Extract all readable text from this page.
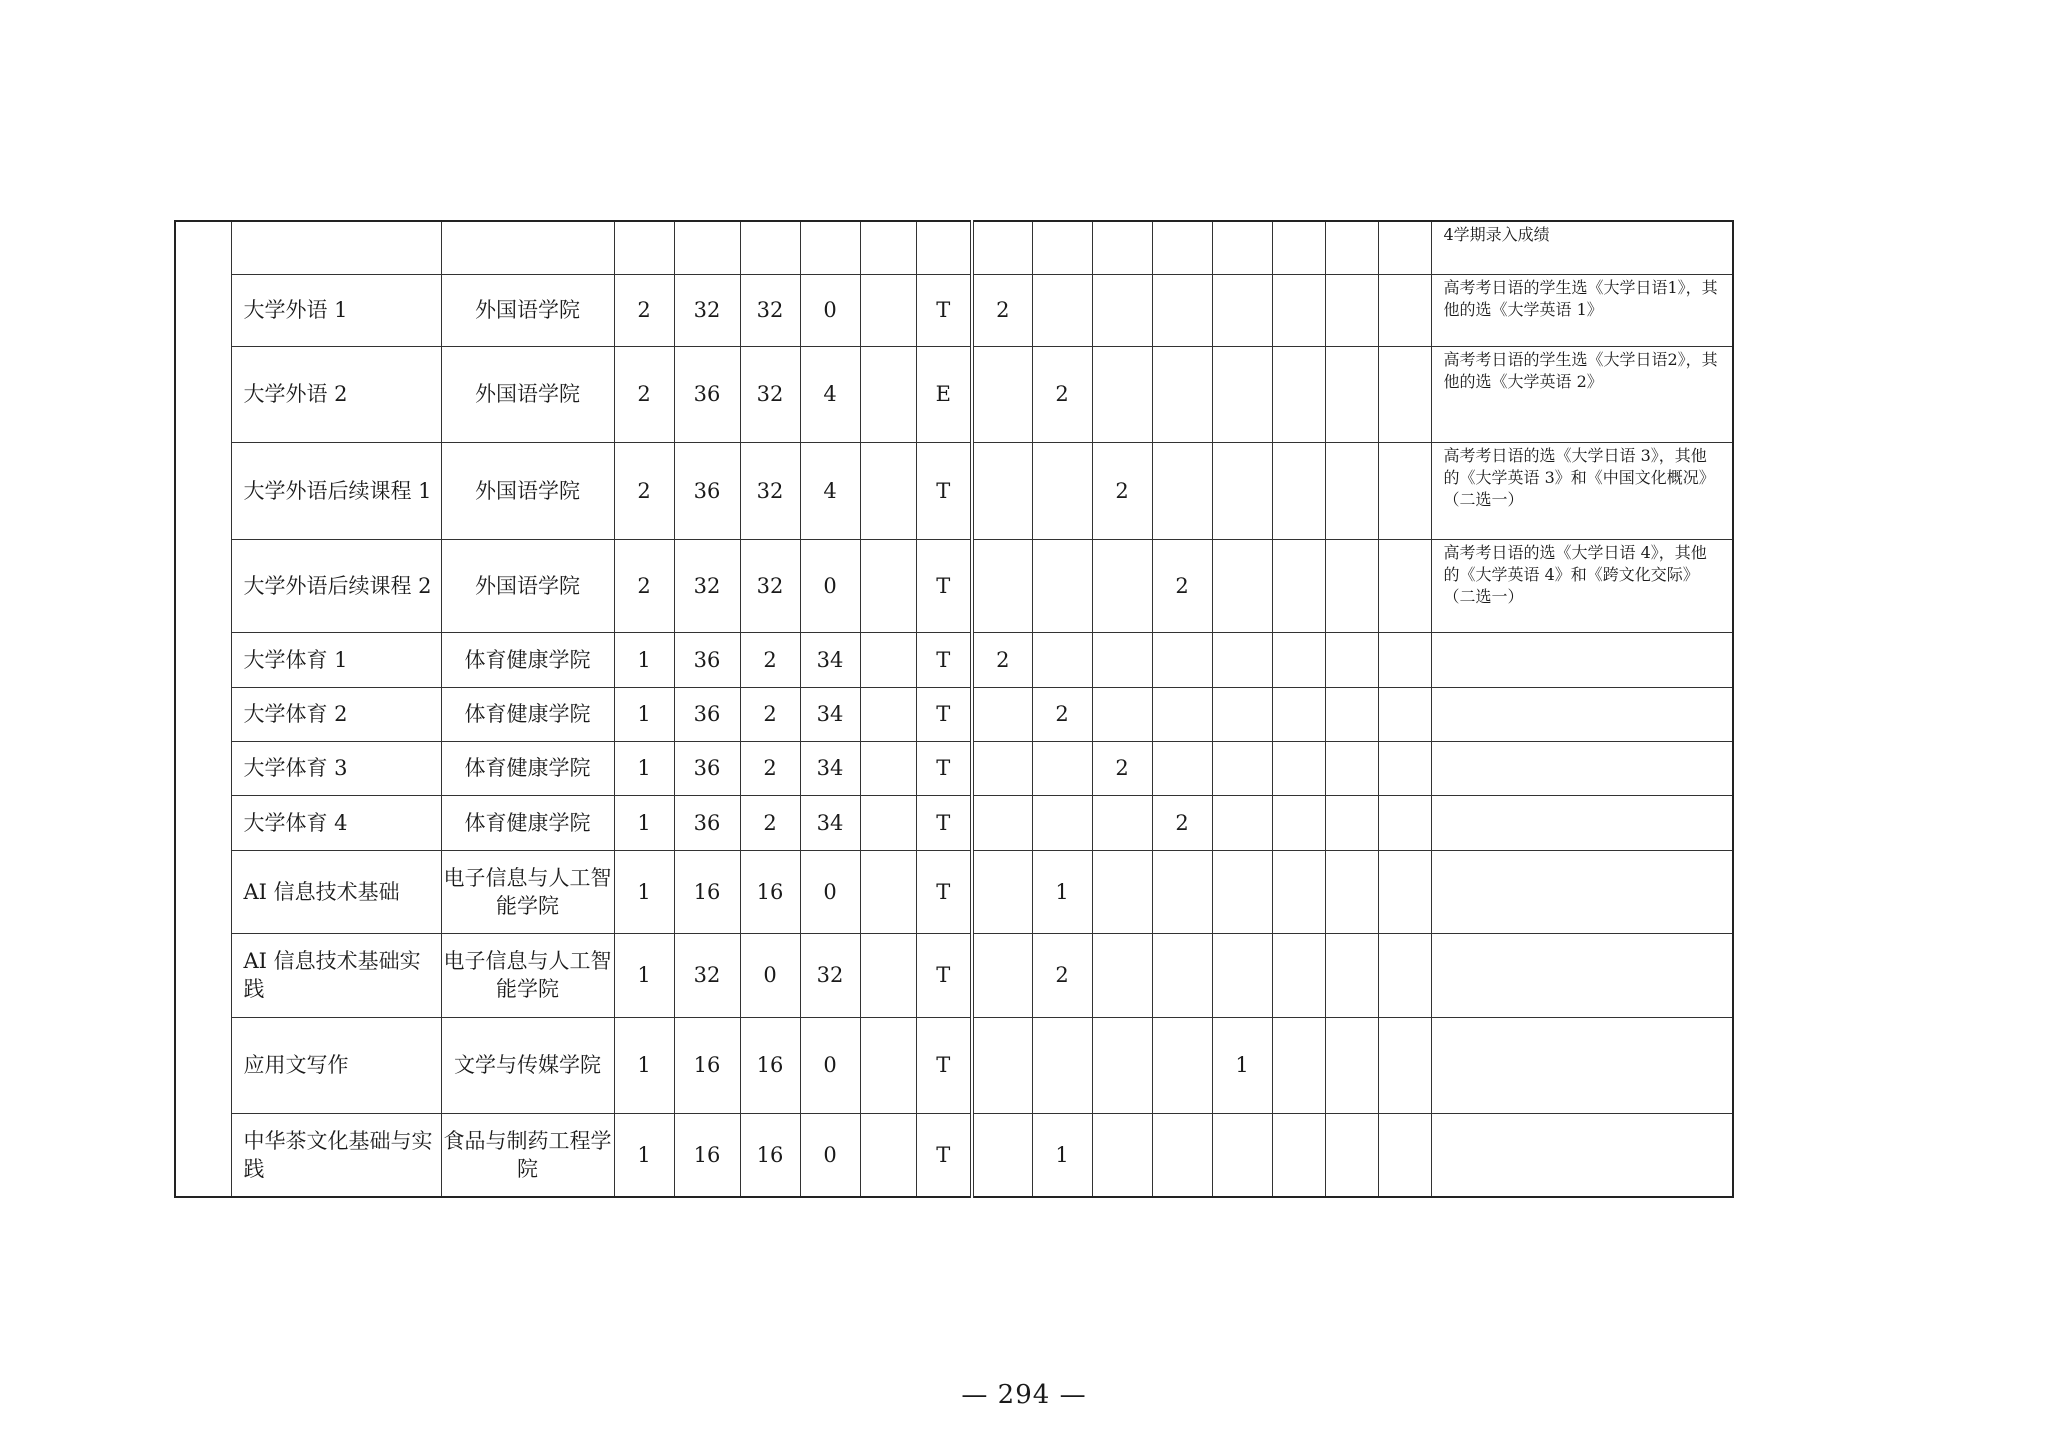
																	4学期录入成绩
	大学外语 1	外国语学院	2	32	32	0		T	2								高考考日语的学生选《大学日语1》，其他的选《大学英语 1》
	大学外语 2	外国语学院	2	36	32	4		E		2							高考考日语的学生选《大学日语2》，其他的选《大学英语 2》
	大学外语后续课程 1	外国语学院	2	36	32	4		T			2						高考考日语的选《大学日语 3》，其他的《大学英语 3》和《中国文化概况》（二选一）
	大学外语后续课程 2	外国语学院	2	32	32	0		T				2					高考考日语的选《大学日语 4》，其他的《大学英语 4》和《跨文化交际》（二选一）
	大学体育 1	体育健康学院	1	36	2	34		T	2								
	大学体育 2	体育健康学院	1	36	2	34		T		2							
	大学体育 3	体育健康学院	1	36	2	34		T			2						
	大学体育 4	体育健康学院	1	36	2	34		T				2					
	AI 信息技术基础	电子信息与人工智能学院	1	16	16	0		T		1							
	AI 信息技术基础实践	电子信息与人工智能学院	1	32	0	32		T		2							
	应用文写作	文学与传媒学院	1	16	16	0		T					1				
	中华茶文化基础与实践	食品与制药工程学院	1	16	16	0		T		1							
— 294 —
